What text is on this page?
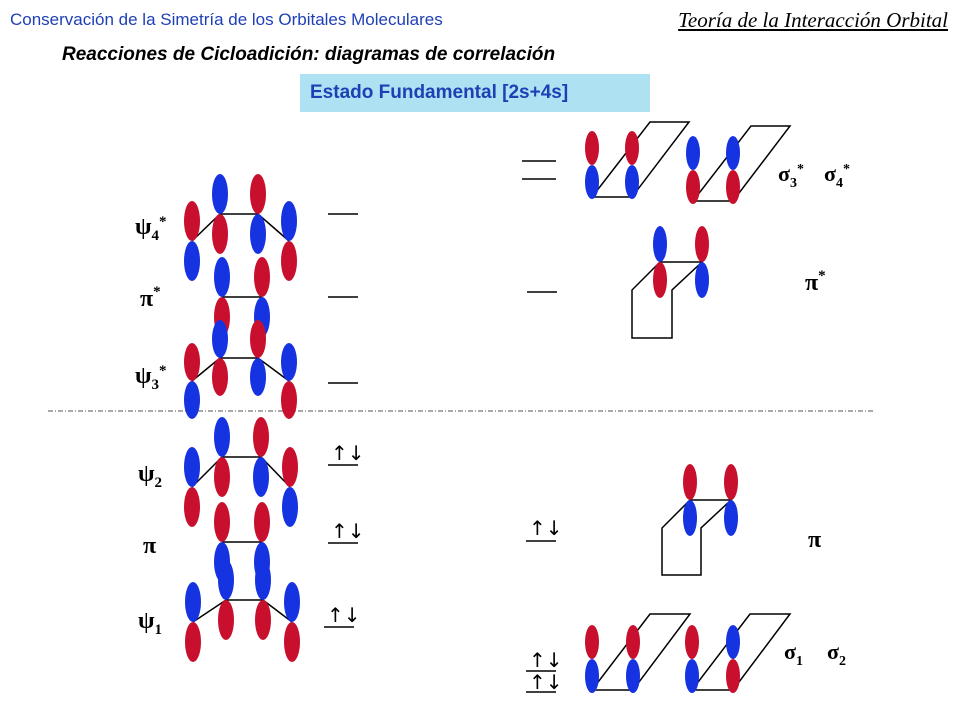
Conservación de la Simetría de los Orbitales Moleculares	Teoría de la Interacción Orbital
Reacciones de Cicloadición: diagramas de correlación
Estado Fundamental [2s+4s]
$\psi_4^*$
π*
$\psi_3^*$
$\psi_2$
π
$\psi_1$
↑↓
↑↓
↑↓
↑↓
↑↓
↑↓
$\sigma_3^*$ $\sigma_4^*$
π*
π
$\sigma_1$ $\sigma_2$
